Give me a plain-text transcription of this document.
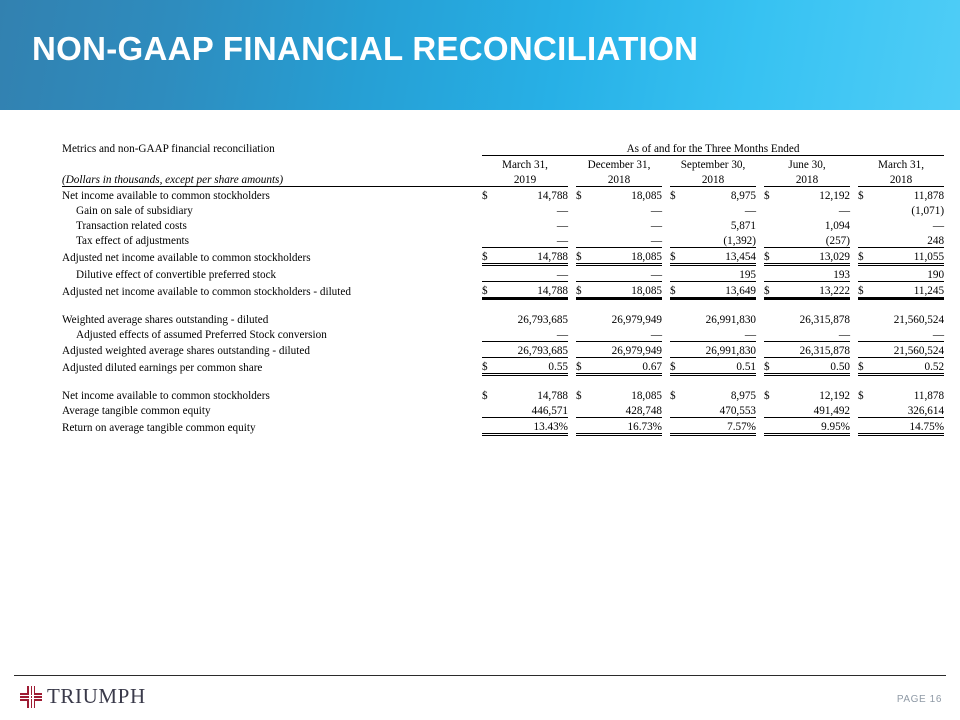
NON-GAAP FINANCIAL RECONCILIATION
Metrics and non-GAAP financial reconciliation	As of and for the Three Months Ended													
	March 31,			December 31,			September 30,			June 30,			March 31,	
(Dollars in thousands, except per share amounts)	2019			2018			2018			2018			2018	
Net income available to common stockholders	$	14,788		$	18,085		$	8,975		$	12,192		$	11,878
Gain on sale of subsidiary		—			—			—			—			(1,071)
Transaction related costs		—			—			5,871			1,094			—
Tax effect of adjustments		—			—			(1,392)			(257)			248
Adjusted net income available to common stockholders	$	14,788		$	18,085		$	13,454		$	13,029		$	11,055
Dilutive effect of convertible preferred stock		—			—			195			193			190
Adjusted net income available to common stockholders - diluted	$	14,788		$	18,085		$	13,649		$	13,222		$	11,245

Weighted average shares outstanding - diluted		26,793,685			26,979,949			26,991,830			26,315,878			21,560,524
Adjusted effects of assumed Preferred Stock conversion		—			—			—			—			—
Adjusted weighted average shares outstanding - diluted		26,793,685			26,979,949			26,991,830			26,315,878			21,560,524
Adjusted diluted earnings per common share	$	0.55		$	0.67		$	0.51		$	0.50		$	0.52

Net income available to common stockholders	$	14,788		$	18,085		$	8,975		$	12,192		$	11,878
Average tangible common equity		446,571			428,748			470,553			491,492			326,614
Return on average tangible common equity		13.43%			16.73%			7.57%			9.95%			14.75%
TRIUMPH	PAGE 16
